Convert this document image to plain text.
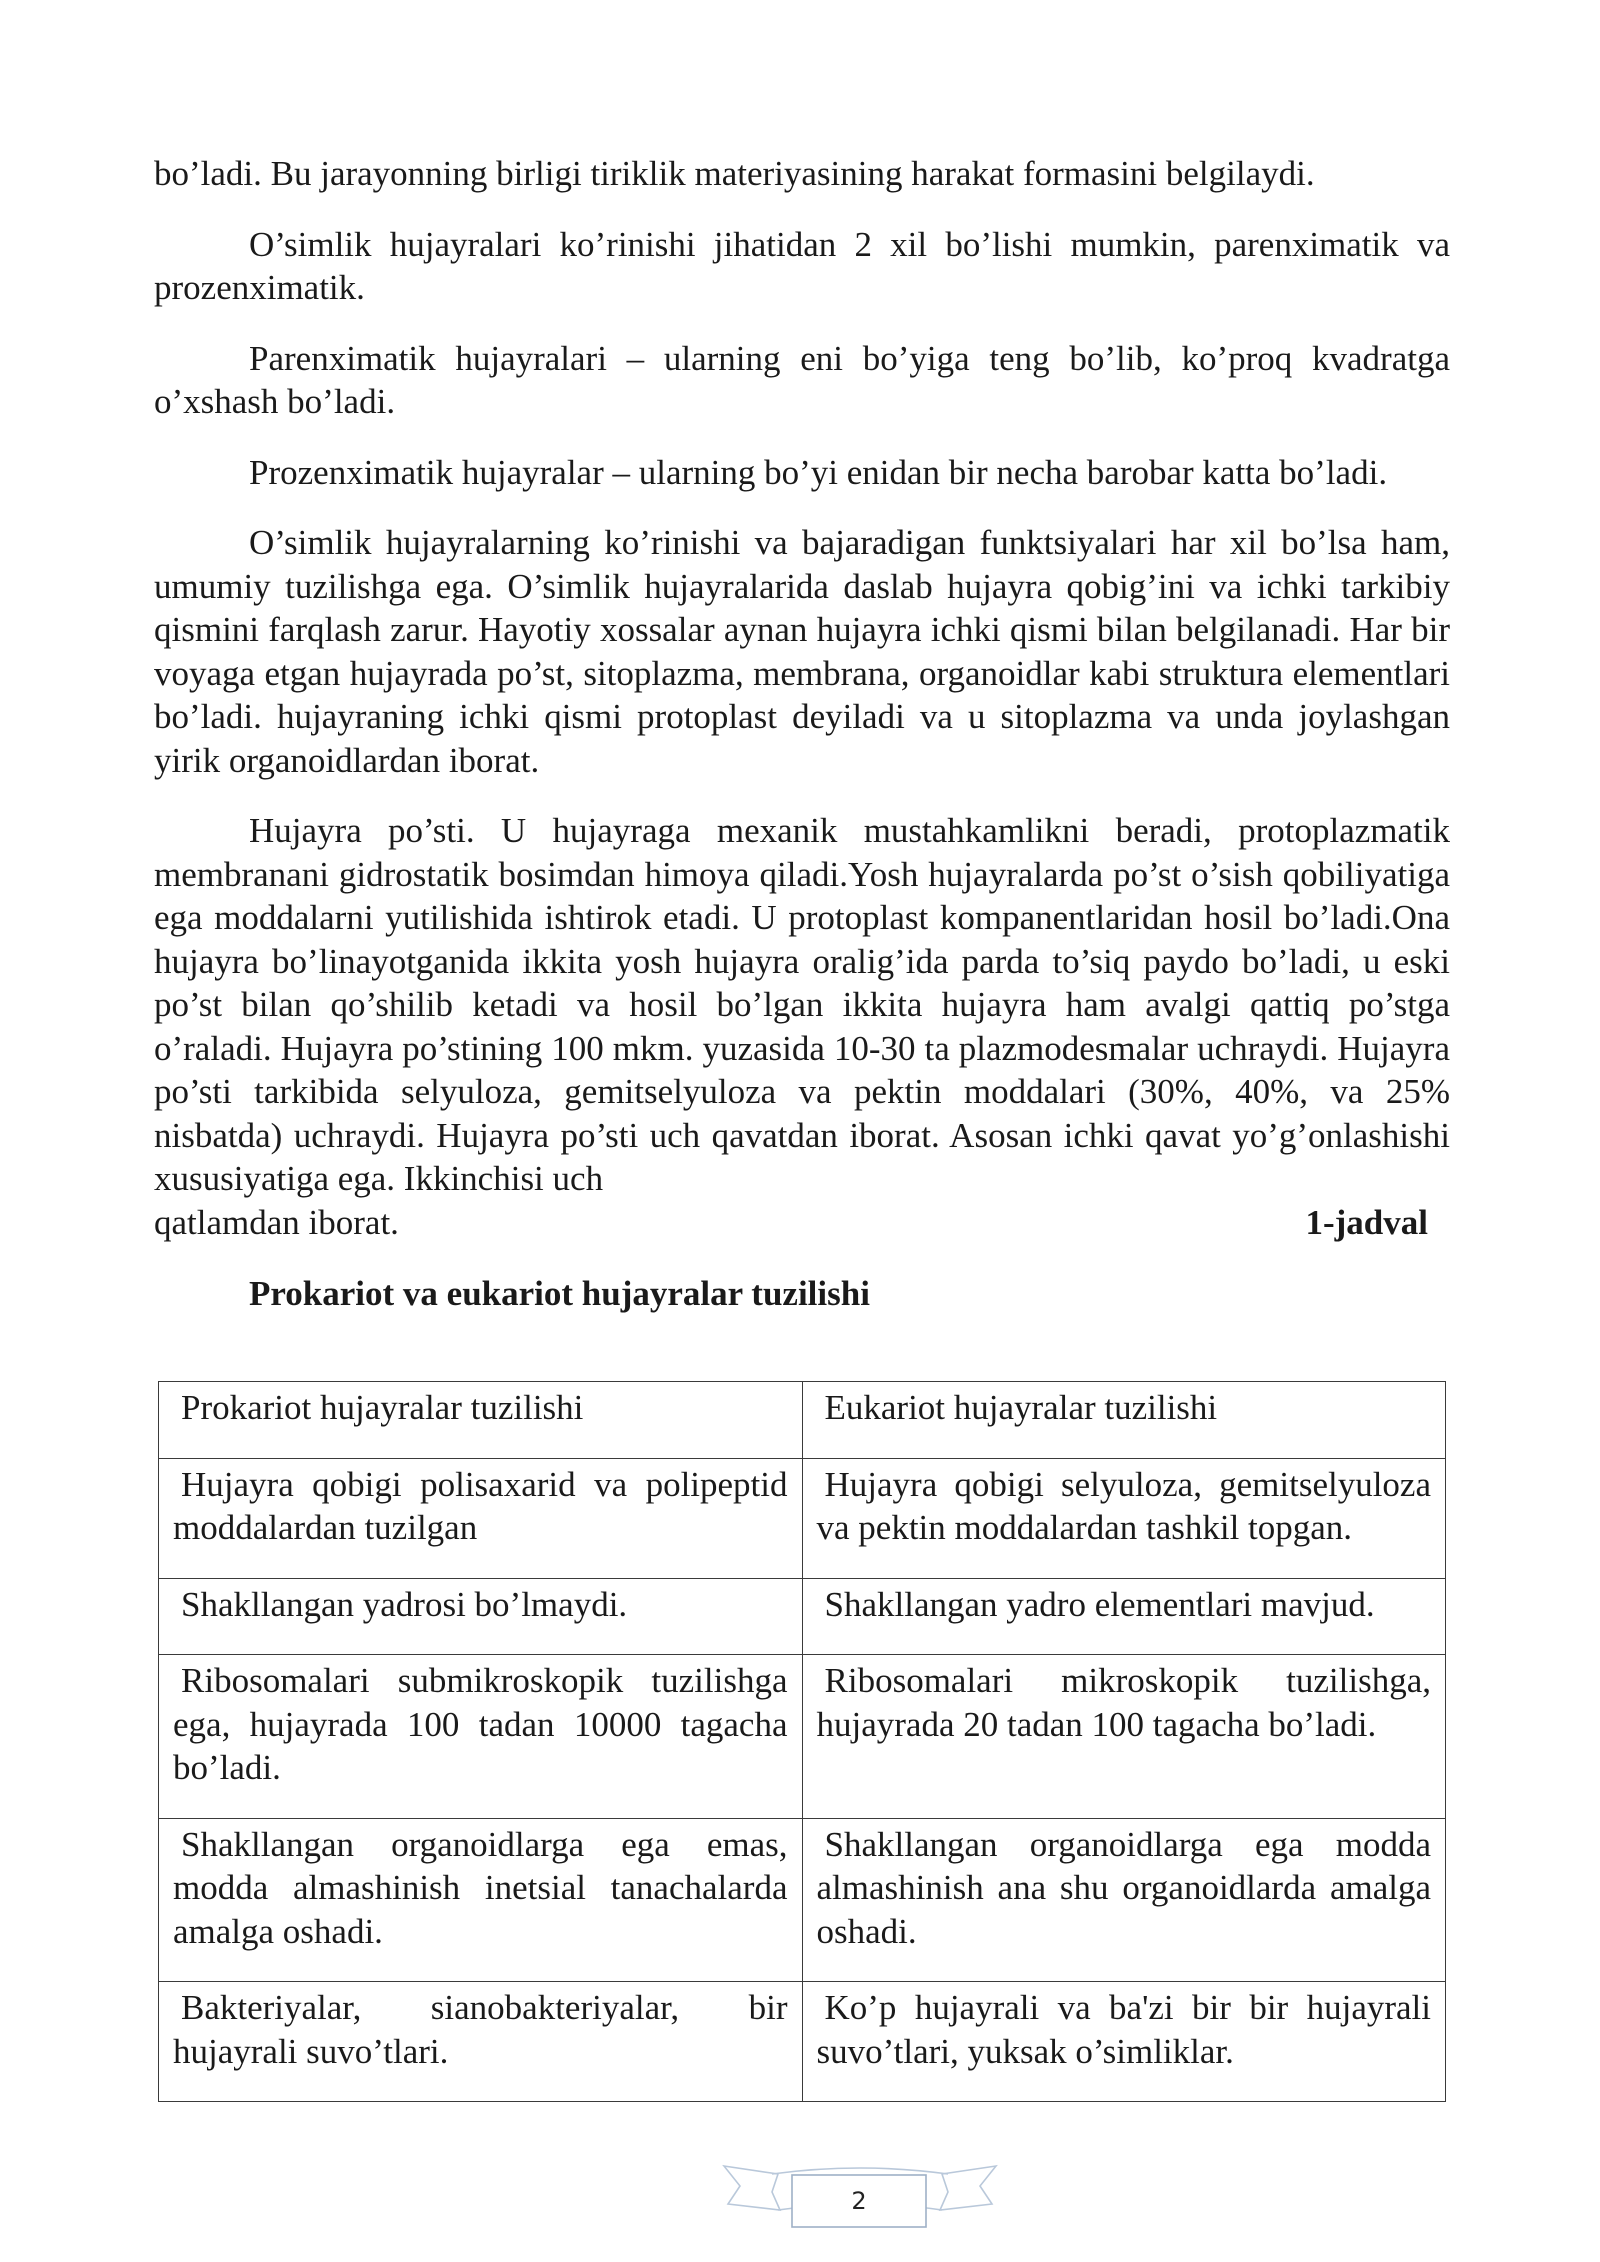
bo’ladi. Bu jarayonning birligi tiriklik materiyasining harakat formasini belgilaydi.

O’simlik hujayralari ko’rinishi jihatidan 2 xil bo’lishi mumkin, parenximatik va prozenximatik.

Parenximatik hujayralari – ularning eni bo’yiga teng bo’lib, ko’proq kvadratga o’xshash bo’ladi.

Prozenximatik hujayralar – ularning bo’yi enidan bir necha barobar katta bo’ladi.

O’simlik hujayralarning ko’rinishi va bajaradigan funktsiyalari har xil bo’lsa ham, umumiy tuzilishga ega. O’simlik hujayralarida daslab hujayra qobig’ini va ichki tarkibiy qismini farqlash zarur. Hayotiy xossalar aynan hujayra ichki qismi bilan belgilanadi. Har bir voyaga etgan hujayrada po’st, sitoplazma, membrana, organoidlar kabi struktura elementlari bo’ladi. hujayraning ichki qismi protoplast deyiladi va u sitoplazma va unda joylashgan yirik organoidlardan iborat.

Hujayra po’sti. U hujayraga mexanik mustahkamlikni beradi, protoplazmatik membranani gidrostatik bosimdan himoya qiladi.Yosh hujayralarda po’st o’sish qobiliyatiga ega moddalarni yutilishida ishtirok etadi. U protoplast kompanentlaridan hosil bo’ladi.Ona hujayra bo’linayotganida ikkita yosh hujayra oralig’ida parda to’siq paydo bo’ladi, u eski po’st bilan qo’shilib ketadi va hosil bo’lgan ikkita hujayra ham avalgi qattiq po’stga o’raladi. Hujayra po’stining 100 mkm. yuzasida 10-30 ta plazmodesmalar uchraydi. Hujayra po’sti tarkibida selyuloza, gemitselyuloza va pektin moddalari (30%, 40%, va 25% nisbatda) uchraydi. Hujayra po’sti uch qavatdan iborat. Asosan ichki qavat yo’g’onlashishi xususiyatiga ega. Ikkinchisi uch

qatlamdan iborat.	1-jadval
Prokariot va eukariot hujayralar tuzilishi
Prokariot hujayralar tuzilishi	Eukariot hujayralar tuzilishi
Hujayra qobigi polisaxarid va polipeptid moddalardan tuzilgan	Hujayra qobigi selyuloza, gemitselyuloza va pektin moddalardan tashkil topgan.
Shakllangan yadrosi bo’lmaydi.	Shakllangan yadro elementlari mavjud.
Ribosomalari submikroskopik tuzilishga ega, hujayrada 100 tadan 10000 tagacha bo’ladi.	Ribosomalari mikroskopik tuzilishga, hujayrada 20 tadan 100 tagacha bo’ladi.
Shakllangan organoidlarga ega emas, modda almashinish inetsial tanachalarda amalga oshadi.	Shakllangan organoidlarga ega modda almashinish ana shu organoidlarda amalga oshadi.
Bakteriyalar, sianobakteriyalar, bir hujayrali suvo’tlari.	Ko’p hujayrali va ba'zi bir bir hujayrali suvo’tlari, yuksak o’simliklar.
2
